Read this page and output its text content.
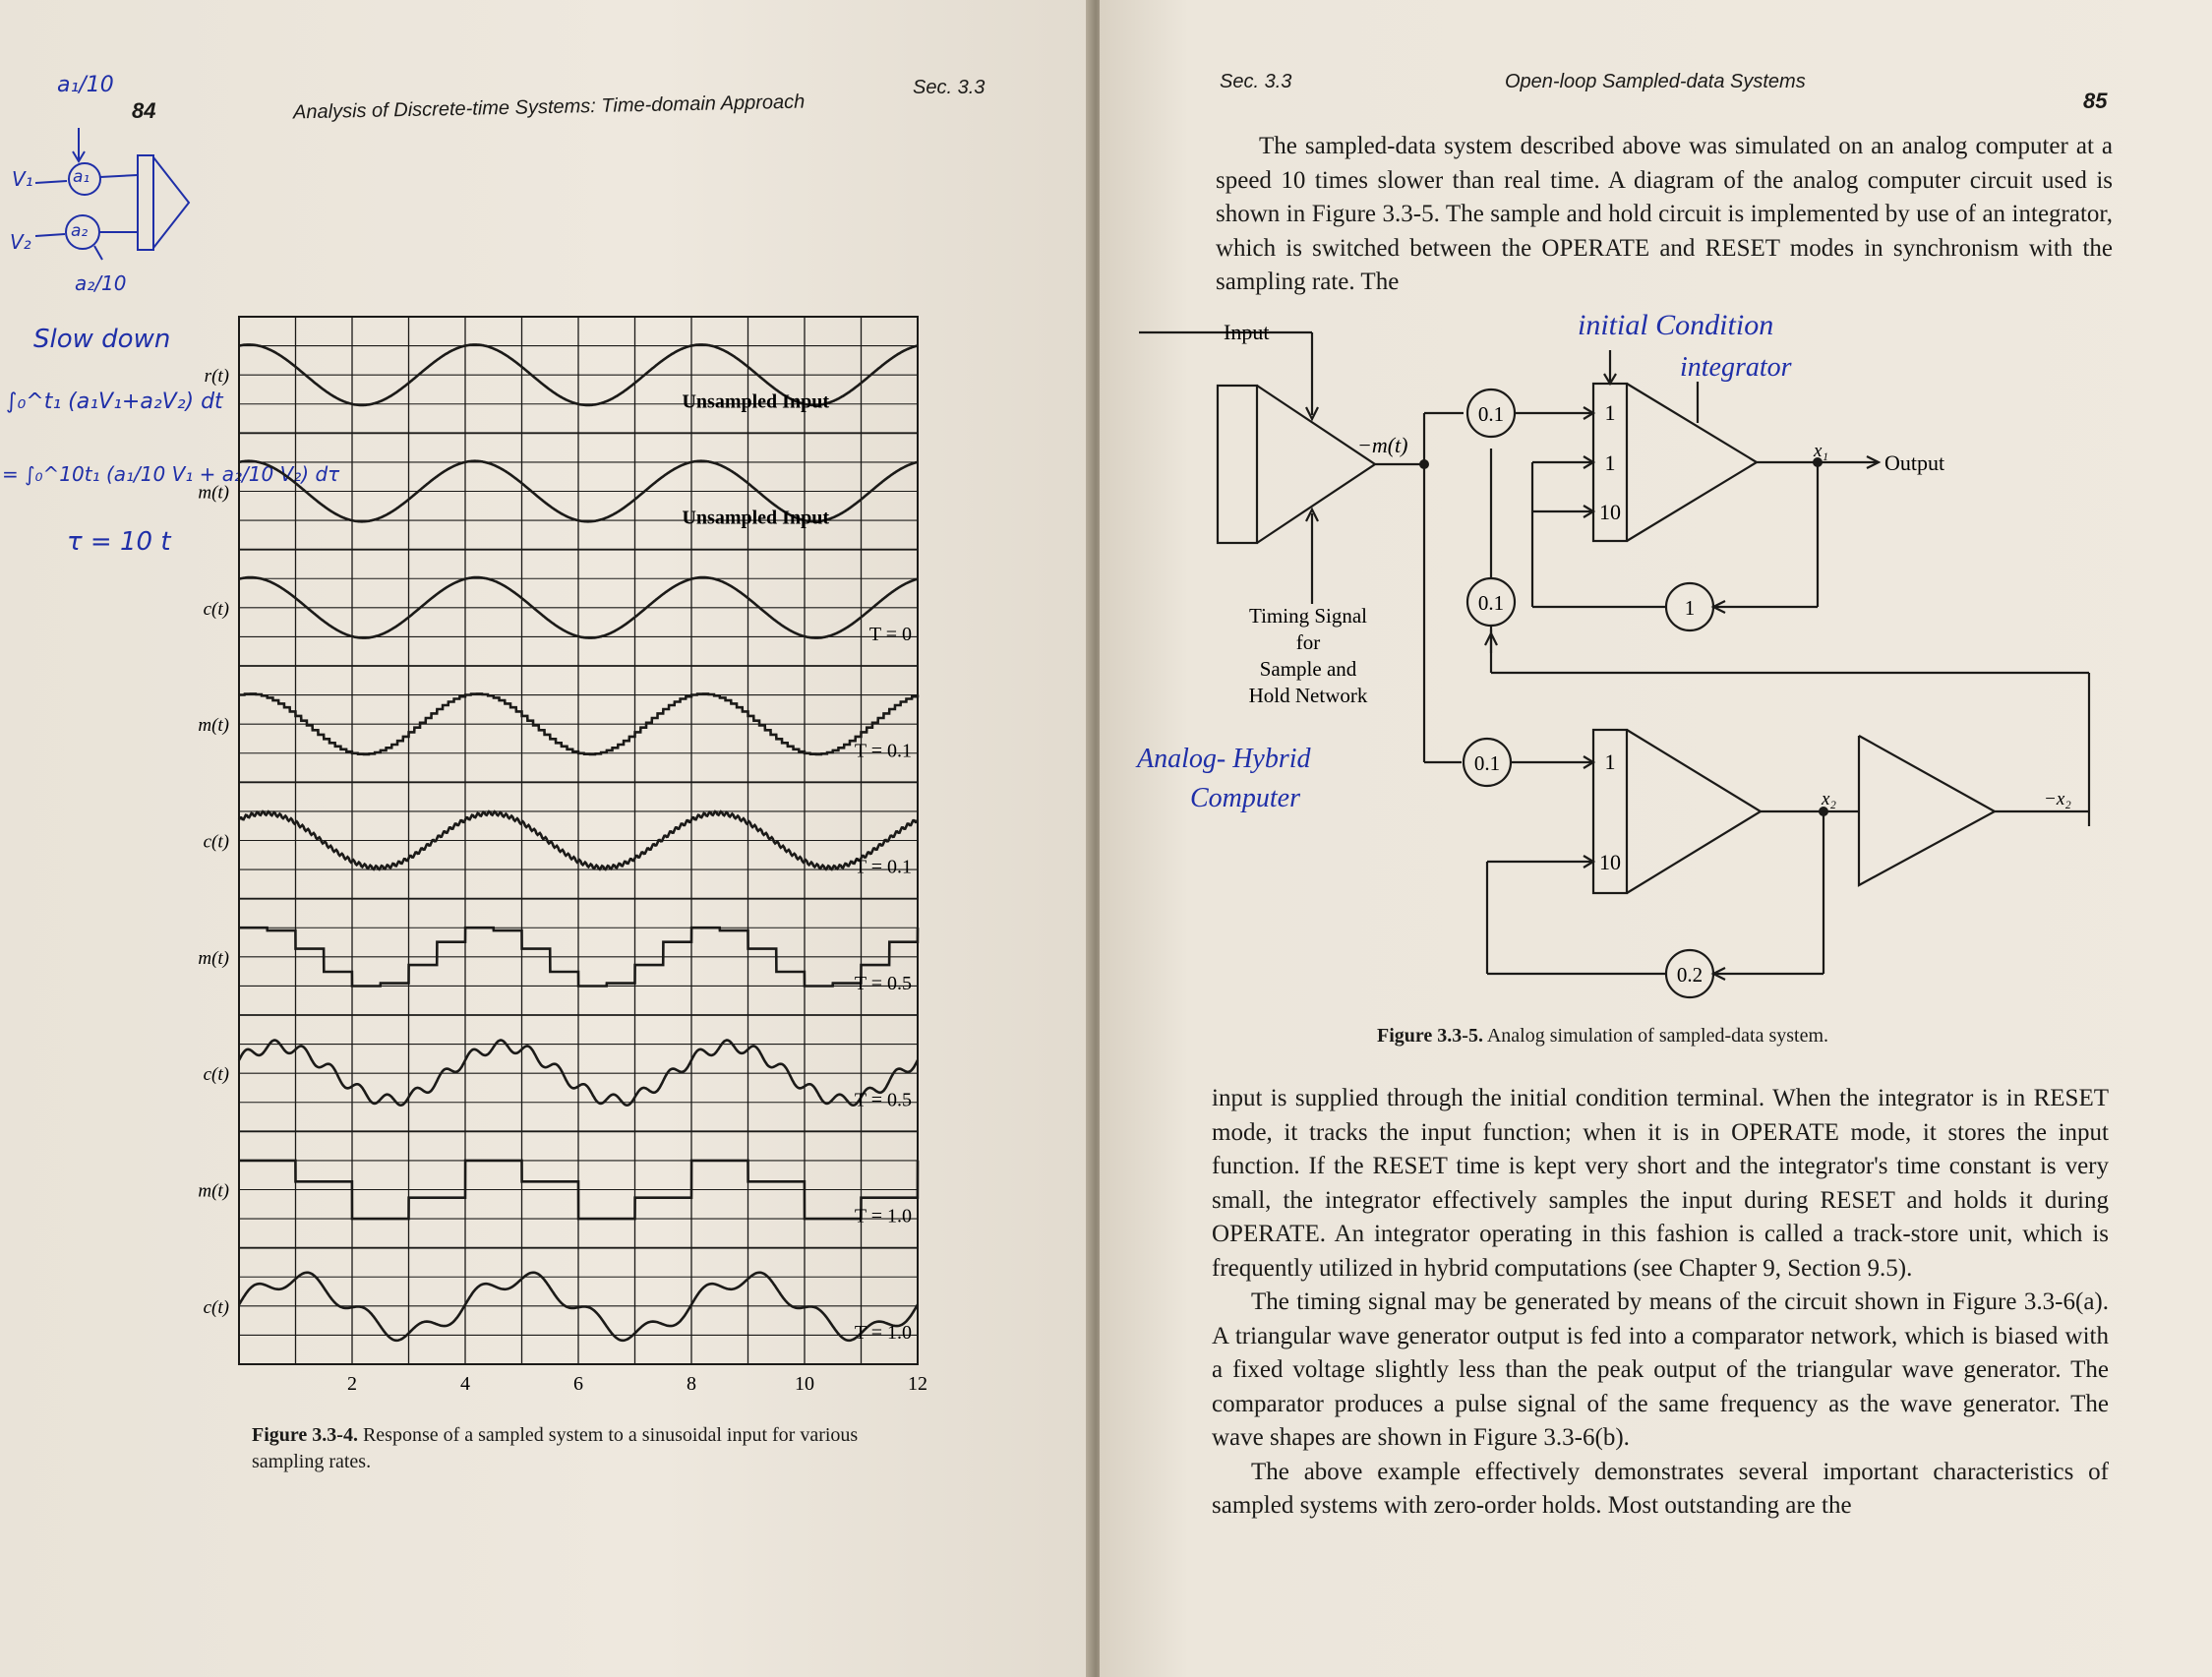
a₁/10
V₁ a₁
V₂ a₂
a₂/10
Slow down
∫₀^t₁ (a₁V₁+a₂V₂) dt
= ∫₀^10t₁ (a₁/10 V₁ + a₂/10 V₂) dτ
τ = 10 t
84	Analysis of Discrete-time Systems: Time-domain Approach
Sec. 3.3
r(t)
Unsampled Input
m(t)
Unsampled Input
c(t)
T = 0
m(t)
T = 0.1
c(t)
T = 0.1
m(t)
T = 0.5
c(t)
T = 0.5
m(t)
T = 1.0
c(t)
T = 1.0
2	4	6	8	10	12
Figure 3.3-4. Response of a sampled system to a sinusoidal input for various sampling rates.
Sec. 3.3	Open-loop Sampled-data Systems
85

The sampled-data system described above was simulated on an analog computer at a speed 10 times slower than real time. A diagram of the analog computer circuit used is shown in Figure 3.3-5. The sample and hold circuit is implemented by use of an integrator, which is switched between the OPERATE and RESET modes in synchronism with the sampling rate. The

Input
−m(t)
0.1
0.1
0.1
1
0.2
1
1
10
1
10
x₁
x₂	−x₂
Output
Timing Signal
for
Sample and
Hold Network
initial Condition
integrator
Analog- Hybrid
Computer
Figure 3.3-5. Analog simulation of sampled-data system.

input is supplied through the initial condition terminal. When the integrator is in RESET mode, it tracks the input function; when it is in OPERATE mode, it stores the input function. If the RESET time is kept very short and the integrator's time constant is very small, the integrator effectively samples the input during RESET and holds it during OPERATE. An integrator operating in this fashion is called a track-store unit, which is frequently utilized in hybrid computations (see Chapter 9, Section 9.5).

The timing signal may be generated by means of the circuit shown in Figure 3.3-6(a). A triangular wave generator output is fed into a comparator network, which is biased with a fixed voltage slightly less than the peak output of the triangular wave generator. The comparator produces a pulse signal of the same frequency as the wave generator. The wave shapes are shown in Figure 3.3-6(b).

The above example effectively demonstrates several important characteristics of sampled systems with zero-order holds. Most outstanding are the
